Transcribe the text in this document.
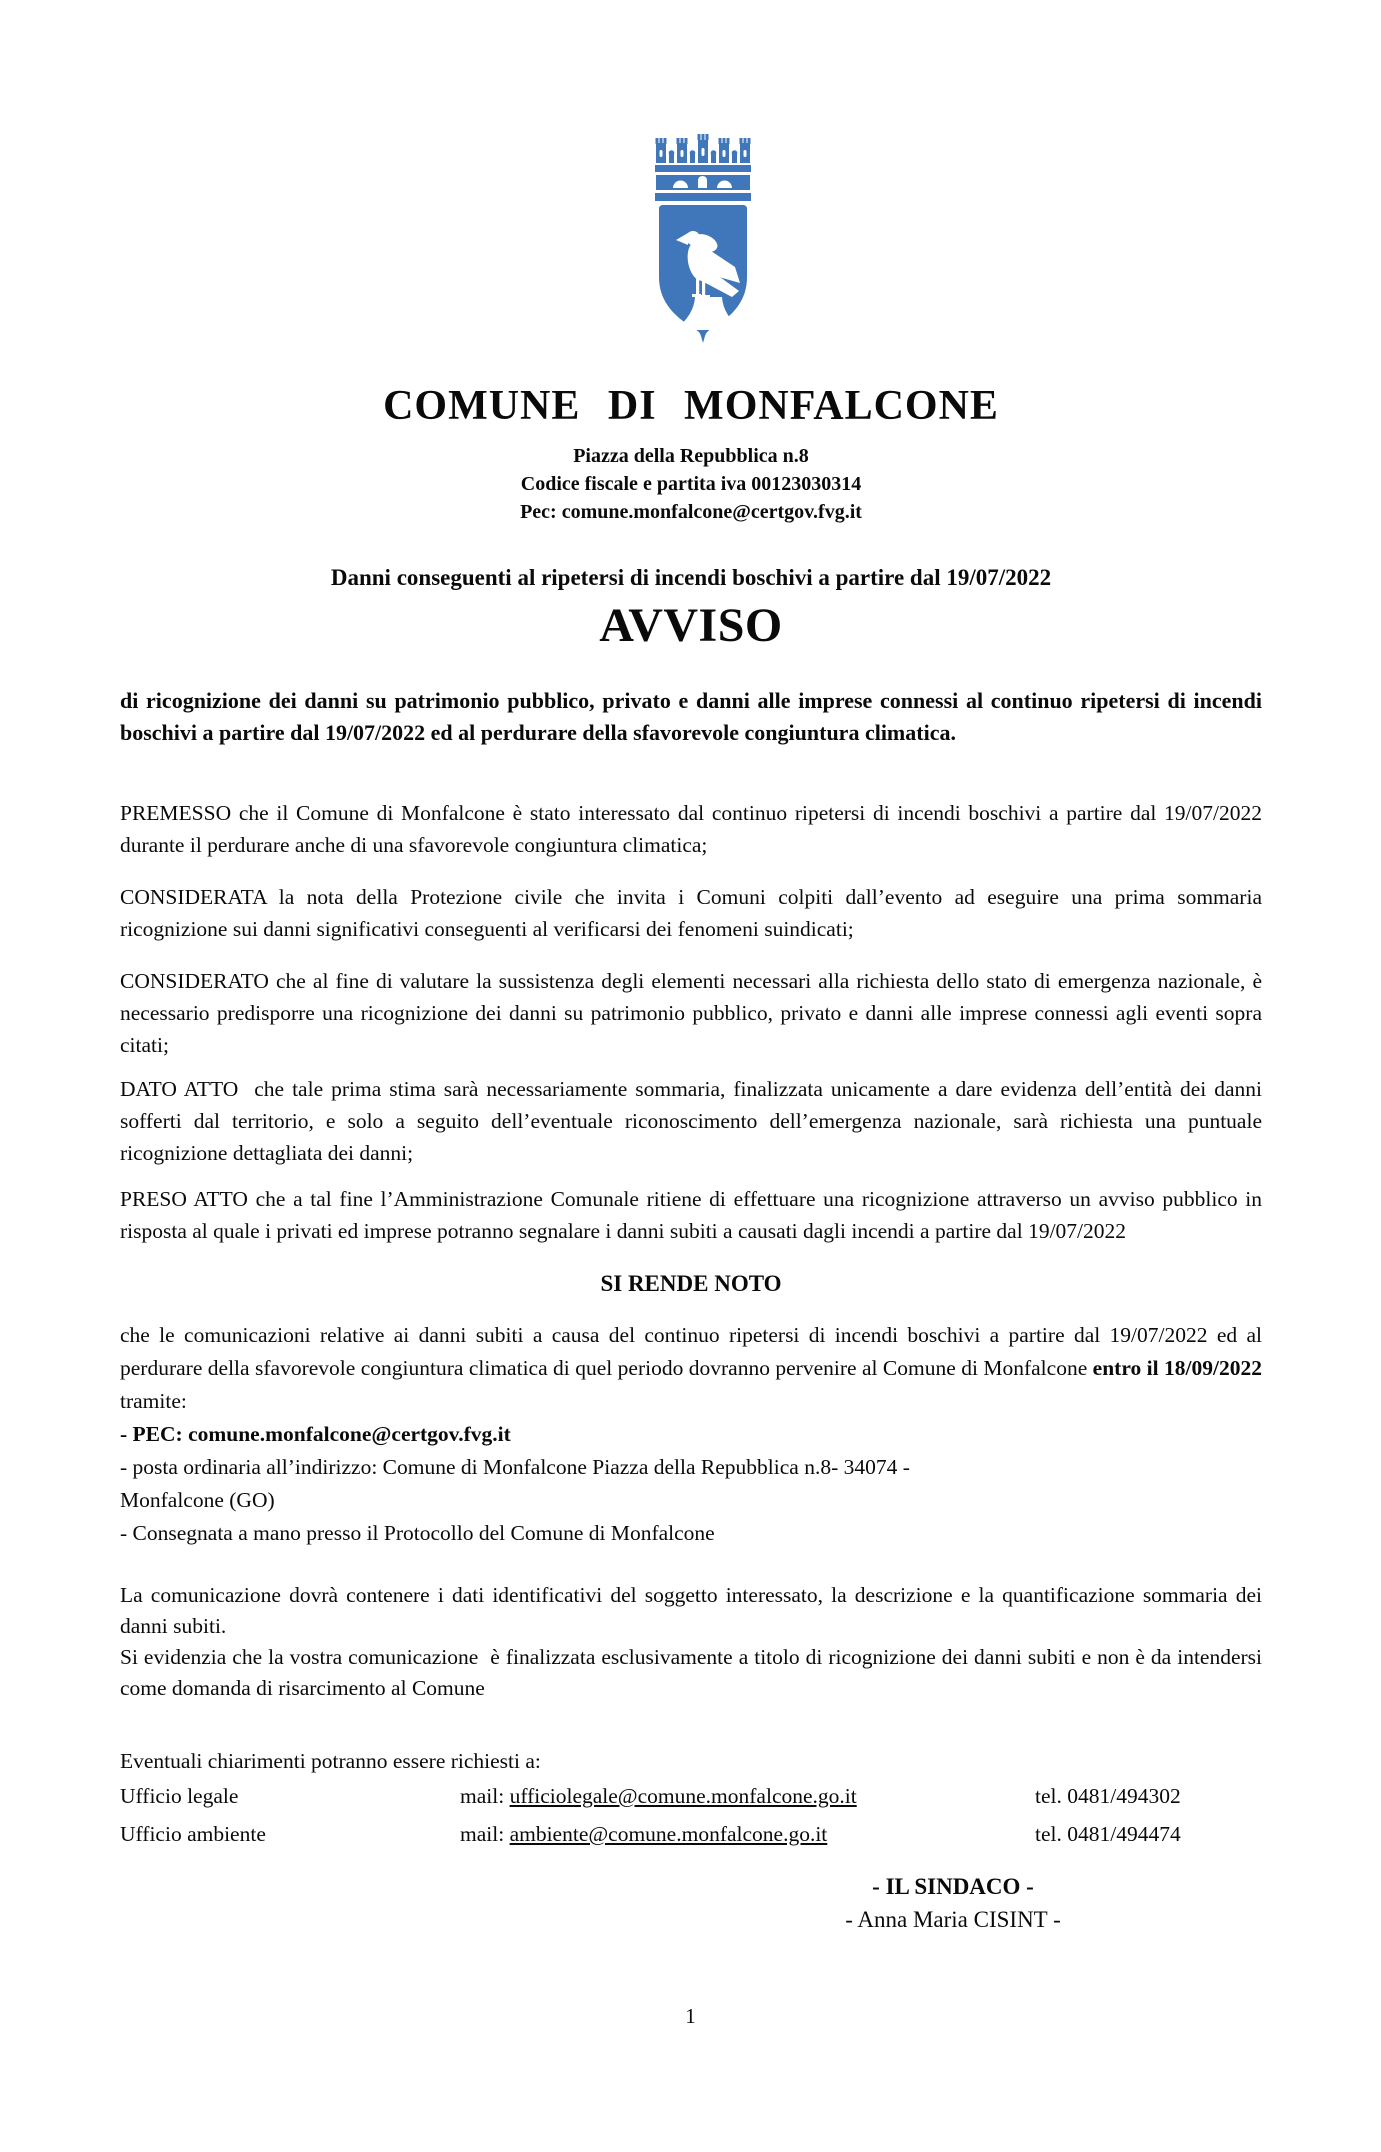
COMUNE DI MONFALCONE
Piazza della Repubblica n.8
Codice fiscale e partita iva 00123030314
Pec: comune.monfalcone@certgov.fvg.it
Danni conseguenti al ripetersi di incendi boschivi a partire dal 19/07/2022
AVVISO
di ricognizione dei danni su patrimonio pubblico, privato e danni alle imprese connessi al continuo ripetersi di incendi boschivi a partire dal 19/07/2022 ed al perdurare della sfavorevole congiuntura climatica.
PREMESSO che il Comune di Monfalcone è stato interessato dal continuo ripetersi di incendi boschivi a partire dal 19/07/2022 durante il perdurare anche di una sfavorevole congiuntura climatica;
CONSIDERATA la nota della Protezione civile che invita i Comuni colpiti dall’evento ad eseguire una prima sommaria ricognizione sui danni significativi conseguenti al verificarsi dei fenomeni suindicati;
CONSIDERATO che al fine di valutare la sussistenza degli elementi necessari alla richiesta dello stato di emergenza nazionale, è necessario predisporre una ricognizione dei danni su patrimonio pubblico, privato e danni alle imprese connessi agli eventi sopra citati;
DATO ATTO  che tale prima stima sarà necessariamente sommaria, finalizzata unicamente a dare evidenza dell’entità dei danni sofferti dal territorio, e solo a seguito dell’eventuale riconoscimento dell’emergenza nazionale, sarà richiesta una puntuale ricognizione dettagliata dei danni;
PRESO ATTO che a tal fine l’Amministrazione Comunale ritiene di effettuare una ricognizione attraverso un avviso pubblico in risposta al quale i privati ed imprese potranno segnalare i danni subiti a causati dagli incendi a partire dal 19/07/2022
SI RENDE NOTO
che le comunicazioni relative ai danni subiti a causa del continuo ripetersi di incendi boschivi a partire dal 19/07/2022 ed al perdurare della sfavorevole congiuntura climatica di quel periodo dovranno pervenire al Comune di Monfalcone entro il 18/09/2022 tramite:
- PEC: comune.monfalcone@certgov.fvg.it
- posta ordinaria all’indirizzo: Comune di Monfalcone Piazza della Repubblica n.8- 34074 -
Monfalcone (GO)
- Consegnata a mano presso il Protocollo del Comune di Monfalcone
La comunicazione dovrà contenere i dati identificativi del soggetto interessato, la descrizione e la quantificazione sommaria dei danni subiti.
Si evidenzia che la vostra comunicazione  è finalizzata esclusivamente a titolo di ricognizione dei danni subiti e non è da intendersi come domanda di risarcimento al Comune
Eventuali chiarimenti potranno essere richiesti a:
Ufficio legale	mail: ufficiolegale@comune.monfalcone.go.it	tel. 0481/494302
Ufficio ambiente	mail: ambiente@comune.monfalcone.go.it	tel. 0481/494474
- IL SINDACO -
- Anna Maria CISINT -
1
